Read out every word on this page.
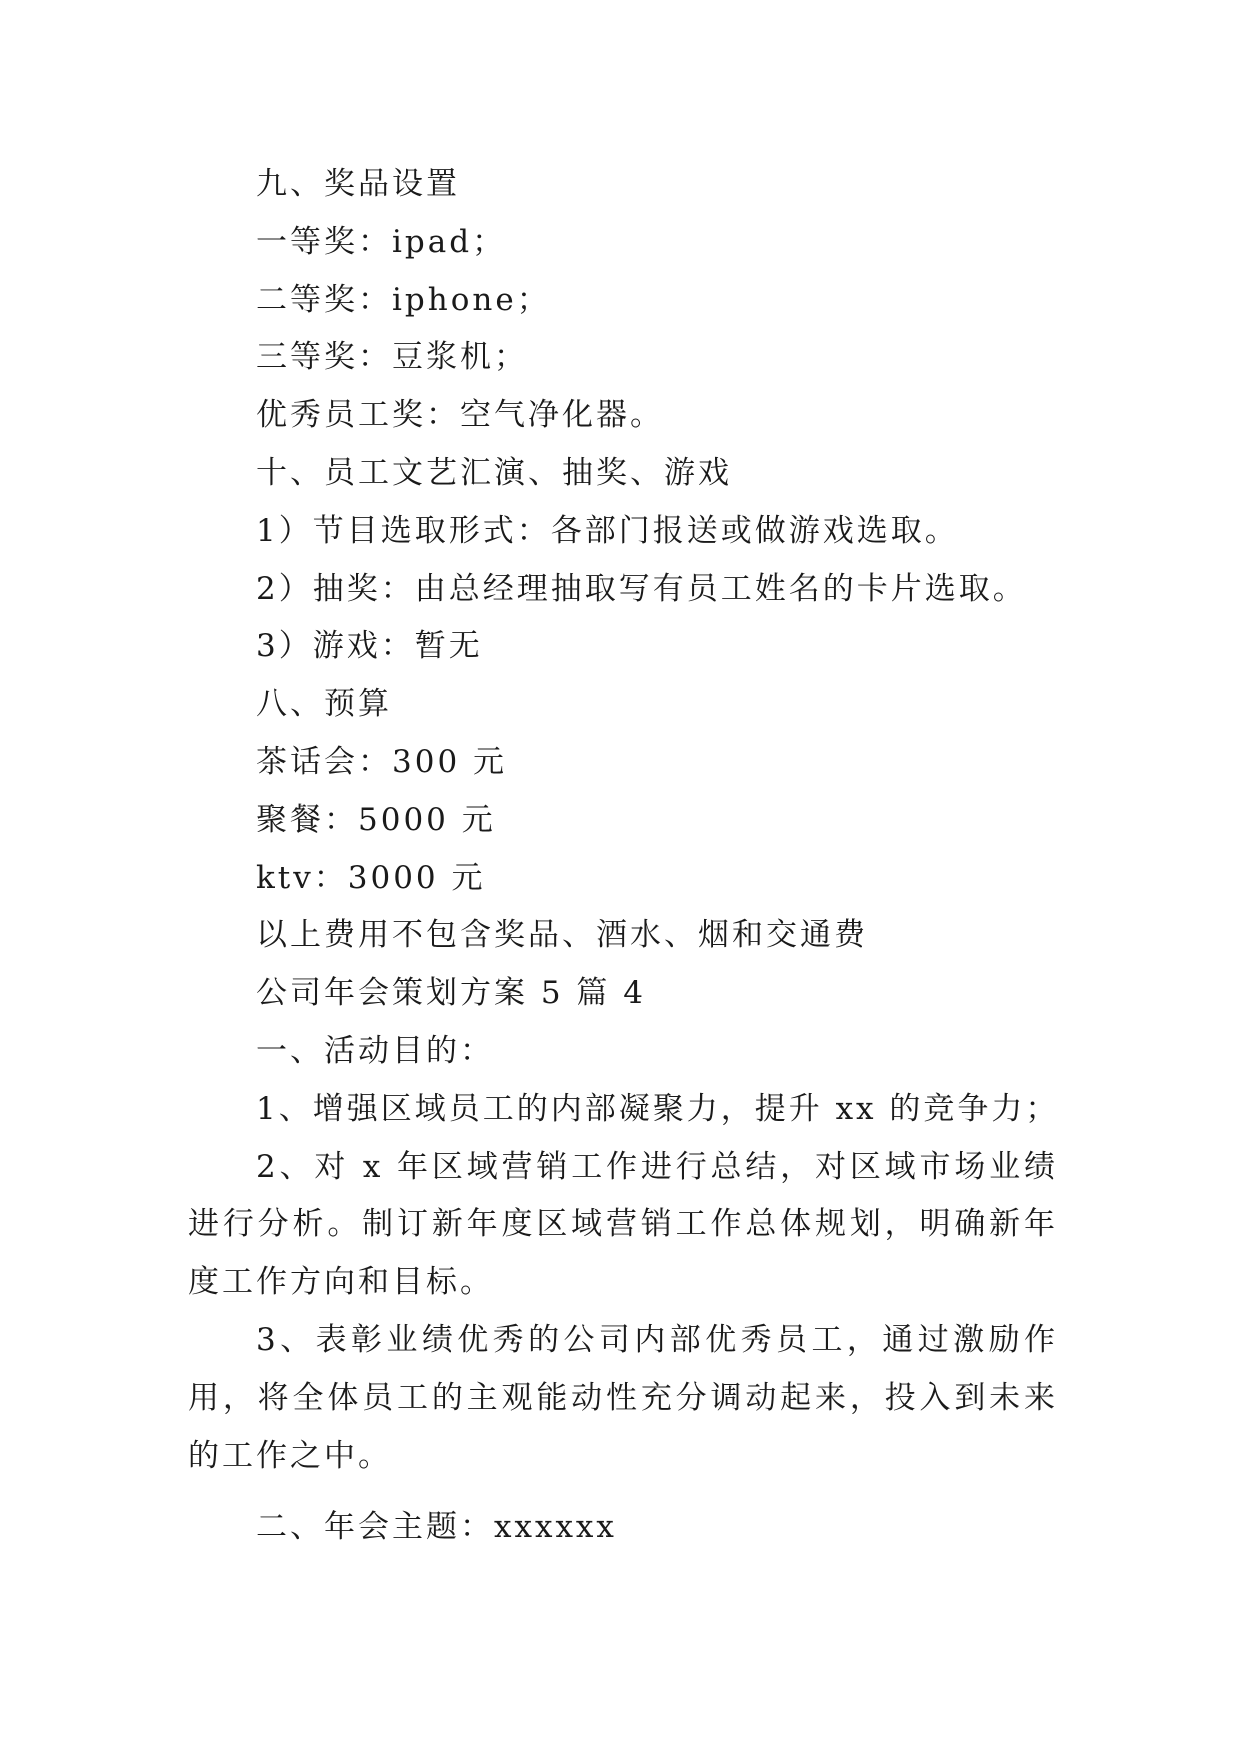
九、奖品设置

一等奖：ipad；

二等奖：iphone；

三等奖：豆浆机；

优秀员工奖：空气净化器。

十、员工文艺汇演、抽奖、游戏

1）节目选取形式：各部门报送或做游戏选取。

2）抽奖：由总经理抽取写有员工姓名的卡片选取。

3）游戏：暂无

八、预算

茶话会：300 元

聚餐：5000 元

ktv：3000 元

以上费用不包含奖品、酒水、烟和交通费

公司年会策划方案 5 篇 4

一、活动目的：

1、增强区域员工的内部凝聚力，提升 xx 的竞争力；

2、对 x 年区域营销工作进行总结，对区域市场业绩进行分析。制订新年度区域营销工作总体规划，明确新年度工作方向和目标。

3、表彰业绩优秀的公司内部优秀员工，通过激励作用，将全体员工的主观能动性充分调动起来，投入到未来的工作之中。

二、年会主题：xxxxxx
